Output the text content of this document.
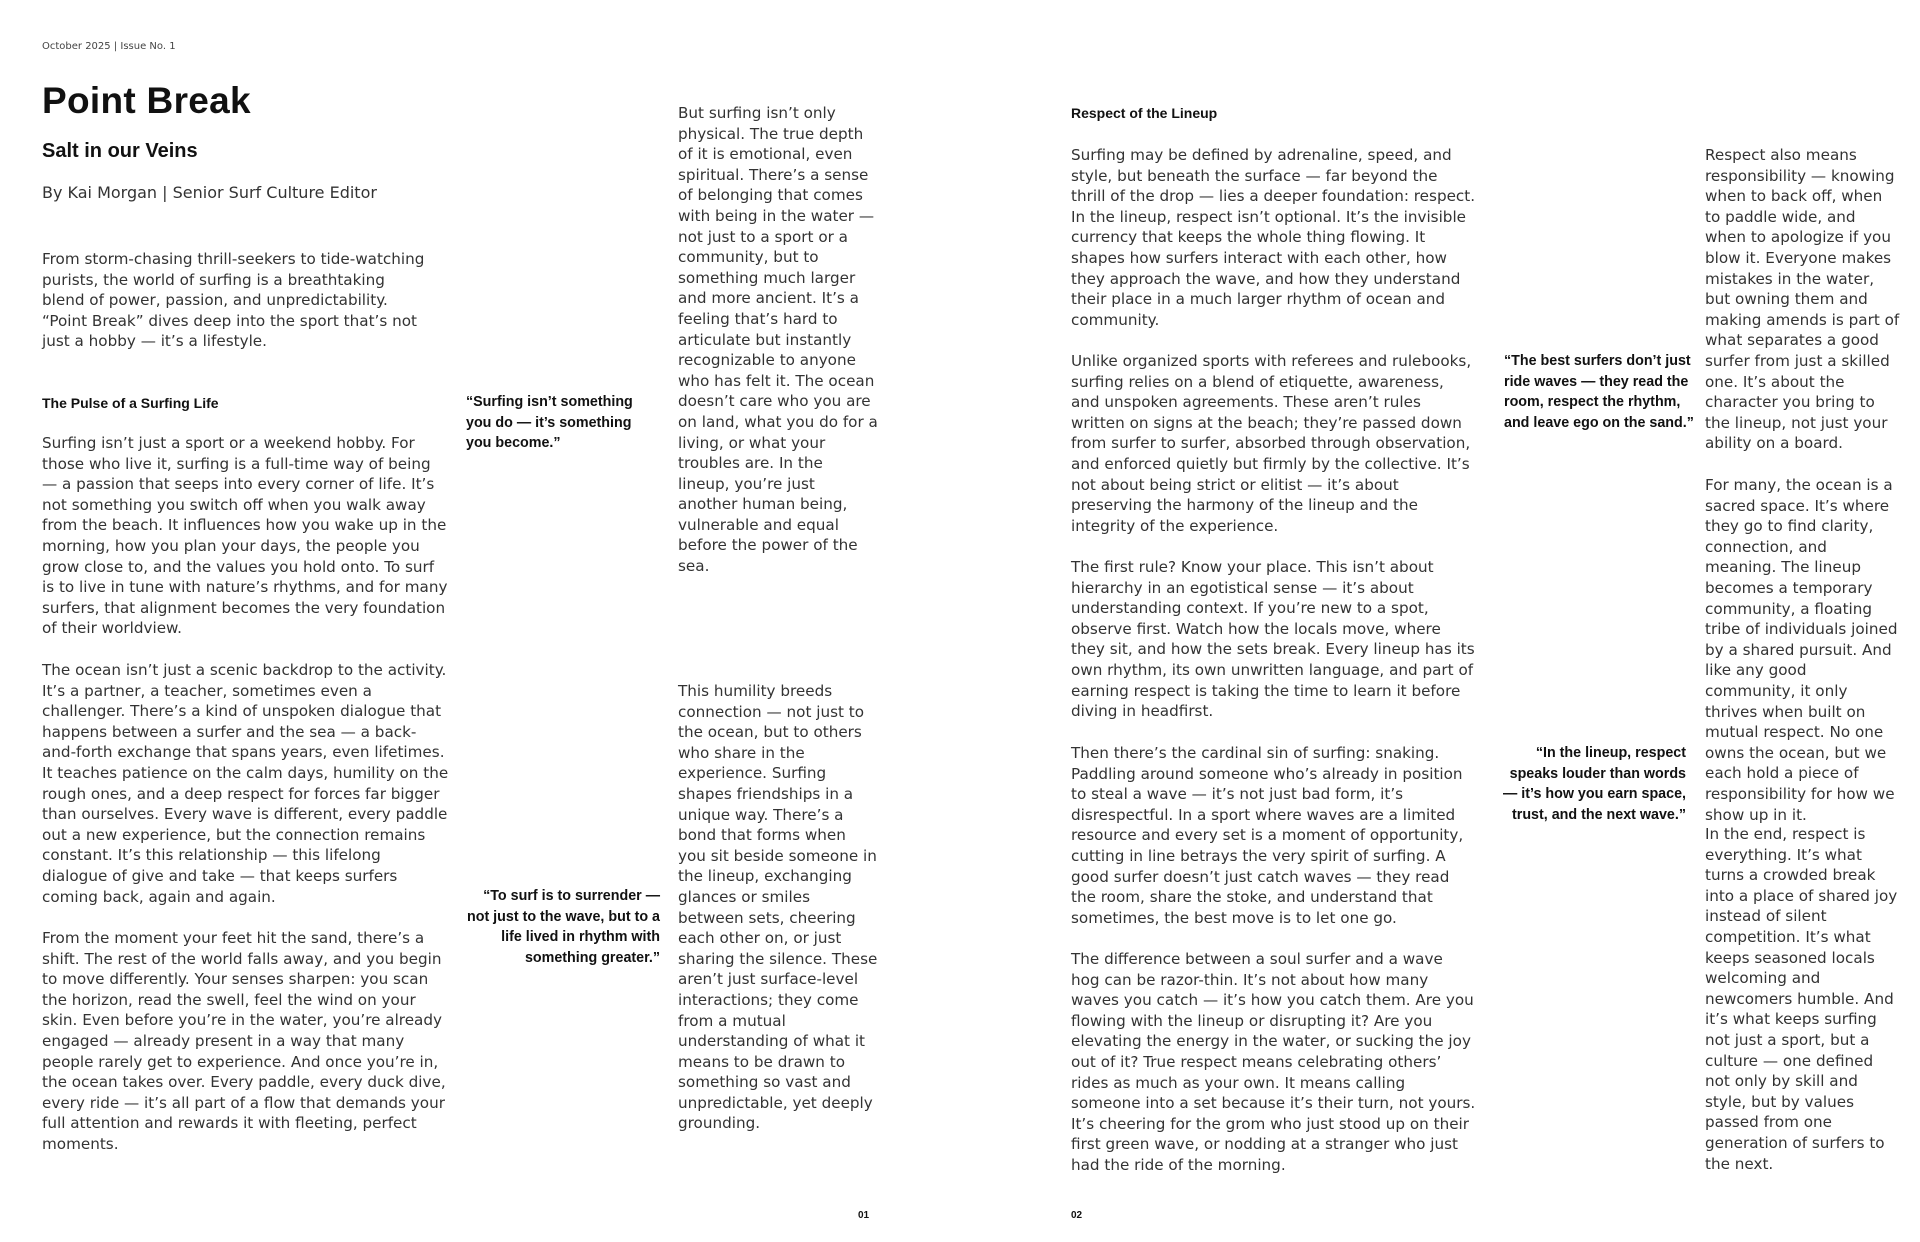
October 2025 | Issue No. 1
Point Break
Salt in our Veins
By Kai Morgan | Senior Surf Culture Editor

From storm-chasing thrill-seekers to tide-watching purists, the world of surfing is a breathtaking blend of power, passion, and unpredictability. “Point Break” dives deep into the sport that’s not just a hobby — it’s a lifestyle.

The Pulse of a Surfing Life

Surfing isn’t just a sport or a weekend hobby. For those who live it, surfing is a full-time way of being — a passion that seeps into every corner of life. It’s not something you switch off when you walk away from the beach. It influences how you wake up in the morning, how you plan your days, the people you grow close to, and the values you hold onto. To surf is to live in tune with nature’s rhythms, and for many surfers, that alignment becomes the very foundation of their worldview.

The ocean isn’t just a scenic backdrop to the activity. It’s a partner, a teacher, sometimes even a challenger. There’s a kind of unspoken dialogue that happens between a surfer and the sea — a back-and-forth exchange that spans years, even lifetimes. It teaches patience on the calm days, humility on the rough ones, and a deep respect for forces far bigger than ourselves. Every wave is different, every paddle out a new experience, but the connection remains constant. It’s this relationship — this lifelong dialogue of give and take — that keeps surfers coming back, again and again.

From the moment your feet hit the sand, there’s a shift. The rest of the world falls away, and you begin to move differently. Your senses sharpen: you scan the horizon, read the swell, feel the wind on your skin. Even before you’re in the water, you’re already engaged — already present in a way that many people rarely get to experience. And once you’re in, the ocean takes over. Every paddle, every duck dive, every ride — it’s all part of a flow that demands your full attention and rewards it with fleeting, perfect moments.

“Surfing isn’t something you do — it’s something you become.”

“To surf is to surrender — not just to the wave, but to a life lived in rhythm with something greater.”

But surfing isn’t only physical. The true depth of it is emotional, even spiritual. There’s a sense of belonging that comes with being in the water — not just to a sport or a community, but to something much larger and more ancient. It’s a feeling that’s hard to articulate but instantly recognizable to anyone who has felt it. The ocean doesn’t care who you are on land, what you do for a living, or what your troubles are. In the lineup, you’re just another human being, vulnerable and equal before the power of the sea.

This humility breeds connection — not just to the ocean, but to others who share in the experience. Surfing shapes friendships in a unique way. There’s a bond that forms when you sit beside someone in the lineup, exchanging glances or smiles between sets, cheering each other on, or just sharing the silence. These aren’t just surface-level interactions; they come from a mutual understanding of what it means to be drawn to something so vast and unpredictable, yet deeply grounding.

01
Respect of the Lineup

Surfing may be defined by adrenaline, speed, and style, but beneath the surface — far beyond the thrill of the drop — lies a deeper foundation: respect. In the lineup, respect isn’t optional. It’s the invisible currency that keeps the whole thing flowing. It shapes how surfers interact with each other, how they approach the wave, and how they understand their place in a much larger rhythm of ocean and community.

Unlike organized sports with referees and rulebooks, surfing relies on a blend of etiquette, awareness, and unspoken agreements. These aren’t rules written on signs at the beach; they’re passed down from surfer to surfer, absorbed through observation, and enforced quietly but firmly by the collective. It’s not about being strict or elitist — it’s about preserving the harmony of the lineup and the integrity of the experience.

The first rule? Know your place. This isn’t about hierarchy in an egotistical sense — it’s about understanding context. If you’re new to a spot, observe first. Watch how the locals move, where they sit, and how the sets break. Every lineup has its own rhythm, its own unwritten language, and part of earning respect is taking the time to learn it before diving in headfirst.

Then there’s the cardinal sin of surfing: snaking. Paddling around someone who’s already in position to steal a wave — it’s not just bad form, it’s disrespectful. In a sport where waves are a limited resource and every set is a moment of opportunity, cutting in line betrays the very spirit of surfing. A good surfer doesn’t just catch waves — they read the room, share the stoke, and understand that sometimes, the best move is to let one go.

The difference between a soul surfer and a wave hog can be razor-thin. It’s not about how many waves you catch — it’s how you catch them. Are you flowing with the lineup or disrupting it? Are you elevating the energy in the water, or sucking the joy out of it? True respect means celebrating others’ rides as much as your own. It means calling someone into a set because it’s their turn, not yours. It’s cheering for the grom who just stood up on their first green wave, or nodding at a stranger who just had the ride of the morning.

“The best surfers don’t just ride waves — they read the room, respect the rhythm, and leave ego on the sand.”

“In the lineup, respect speaks louder than words — it’s how you earn space, trust, and the next wave.”

Respect also means responsibility — knowing when to back off, when to paddle wide, and when to apologize if you blow it. Everyone makes mistakes in the water, but owning them and making amends is part of what separates a good surfer from just a skilled one. It’s about the character you bring to the lineup, not just your ability on a board.

For many, the ocean is a sacred space. It’s where they go to find clarity, connection, and meaning. The lineup becomes a temporary community, a floating tribe of individuals joined by a shared pursuit. And like any good community, it only thrives when built on mutual respect. No one owns the ocean, but we each hold a piece of responsibility for how we show up in it.

In the end, respect is everything. It’s what turns a crowded break into a place of shared joy instead of silent competition. It’s what keeps seasoned locals welcoming and newcomers humble. And it’s what keeps surfing not just a sport, but a culture — one defined not only by skill and style, but by values passed from one generation of surfers to the next.

02
